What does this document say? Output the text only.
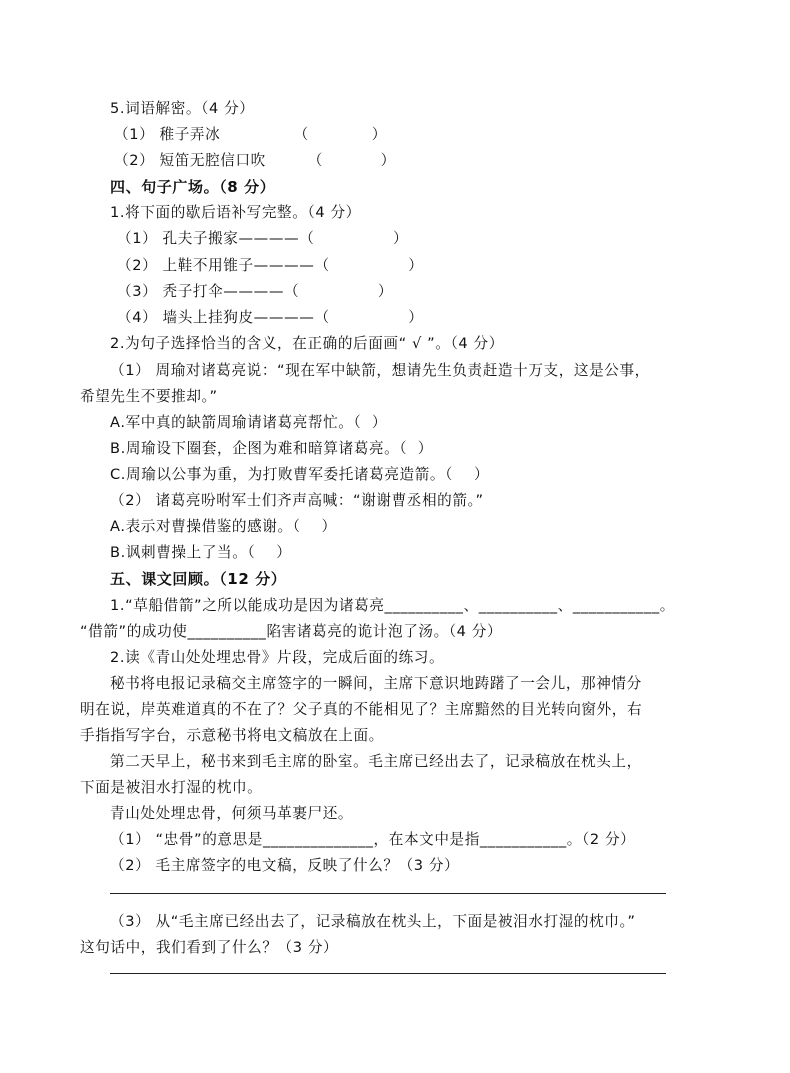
5.词语解密。（4 分）
（1） 稚子弄冰              （            ）
（2） 短笛无腔信口吹        （           ）
四、句子广场。（8 分）
1.将下面的歇后语补写完整。（4 分）
（1） 孔夫子搬家————（               ）
（2） 上鞋不用锥子————（               ）
（3） 秃子打伞————（               ）
（4） 墙头上挂狗皮————（               ）
2.为句子选择恰当的含义，在正确的后面画“ √ ”。（4 分）
（1） 周瑜对诸葛亮说：“现在军中缺箭，想请先生负责赶造十万支，这是公事，
希望先生不要推却。”
A.军中真的缺箭周瑜请诸葛亮帮忙。（  ）
B.周瑜设下圈套，企图为难和暗算诸葛亮。（  ）
C.周瑜以公事为重，为打败曹军委托诸葛亮造箭。（    ）
（2） 诸葛亮吩咐军士们齐声高喊：“谢谢曹丞相的箭。”
A.表示对曹操借鉴的感谢。（    ）
B.讽刺曹操上了当。（    ）
五、课文回顾。（12 分）
1.“草船借箭”之所以能成功是因为诸葛亮__________、__________、___________。
“借箭”的成功使__________陷害诸葛亮的诡计泡了汤。（4 分）
2.读《青山处处埋忠骨》片段，完成后面的练习。
秘书将电报记录稿交主席签字的一瞬间，主席下意识地踌躇了一会儿，那神情分
明在说，岸英难道真的不在了？父子真的不能相见了？主席黯然的目光转向窗外，右
手指指写字台，示意秘书将电文稿放在上面。
第二天早上，秘书来到毛主席的卧室。毛主席已经出去了，记录稿放在枕头上，
下面是被泪水打湿的枕巾。
青山处处埋忠骨，何须马革裹尸还。
（1） “忠骨”的意思是______________，在本文中是指___________。（2 分）
（2） 毛主席签字的电文稿，反映了什么？（3 分）
（3） 从“毛主席已经出去了，记录稿放在枕头上，下面是被泪水打湿的枕巾。”
这句话中，我们看到了什么？（3 分）
